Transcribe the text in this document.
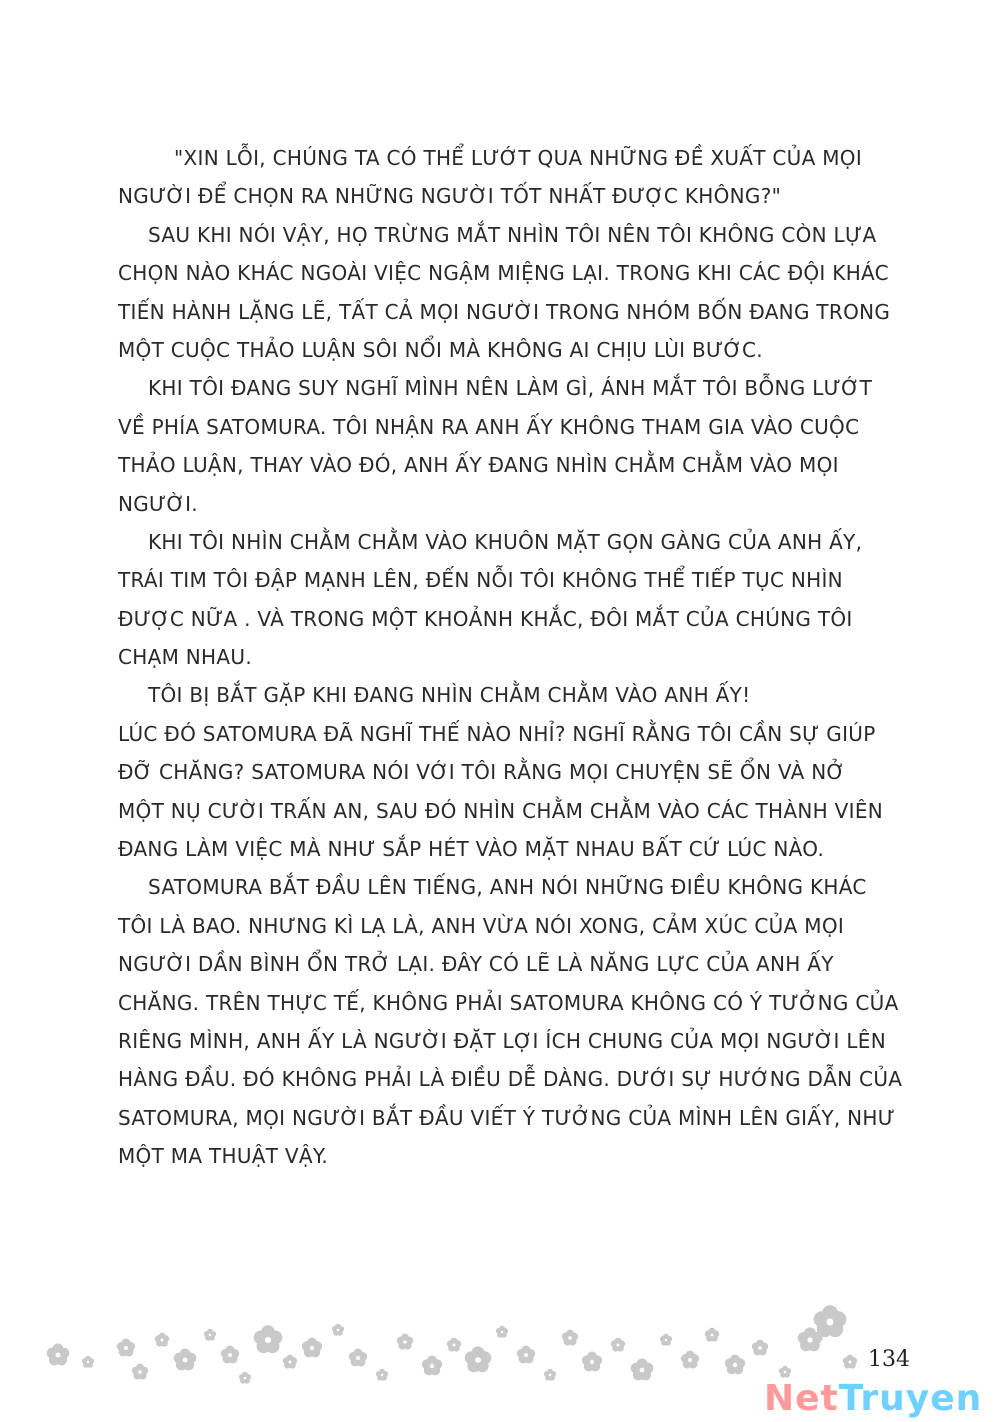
"XIN LỖI, CHÚNG TA CÓ THỂ LƯỚT QUA NHỮNG ĐỀ XUẤT CỦA MỌI
NGƯỜI ĐỂ CHỌN RA NHỮNG NGƯỜI TỐT NHẤT ĐƯỢC KHÔNG?"
SAU KHI NÓI VẬY, HỌ TRỪNG MẮT NHÌN TÔI NÊN TÔI KHÔNG CÒN LỰA
CHỌN NÀO KHÁC NGOÀI VIỆC NGẬM MIỆNG LẠI. TRONG KHI CÁC ĐỘI KHÁC
TIẾN HÀNH LẶNG LẼ, TẤT CẢ MỌI NGƯỜI TRONG NHÓM BỐN ĐANG TRONG
MỘT CUỘC THẢO LUẬN SÔI NỔI MÀ KHÔNG AI CHỊU LÙI BƯỚC.
KHI TÔI ĐANG SUY NGHĨ MÌNH NÊN LÀM GÌ, ÁNH MẮT TÔI BỖNG LƯỚT
VỀ PHÍA SATOMURA. TÔI NHẬN RA ANH ẤY KHÔNG THAM GIA VÀO CUỘC
THẢO LUẬN, THAY VÀO ĐÓ, ANH ẤY ĐANG NHÌN CHẰM CHẰM VÀO MỌI
NGƯỜI.
KHI TÔI NHÌN CHẰM CHẰM VÀO KHUÔN MẶT GỌN GÀNG CỦA ANH ẤY,
TRÁI TIM TÔI ĐẬP MẠNH LÊN, ĐẾN NỖI TÔI KHÔNG THỂ TIẾP TỤC NHÌN
ĐƯỢC NỮA . VÀ TRONG MỘT KHOẢNH KHẮC, ĐÔI MẮT CỦA CHÚNG TÔI
CHẠM NHAU.
TÔI BỊ BẮT GẶP KHI ĐANG NHÌN CHẰM CHẰM VÀO ANH ẤY!
LÚC ĐÓ SATOMURA ĐÃ NGHĨ THẾ NÀO NHỈ? NGHĨ RẰNG TÔI CẦN SỰ GIÚP
ĐỠ CHĂNG? SATOMURA NÓI VỚI TÔI RẰNG MỌI CHUYỆN SẼ ỔN VÀ NỞ
MỘT NỤ CƯỜI TRẤN AN, SAU ĐÓ NHÌN CHẰM CHẰM VÀO CÁC THÀNH VIÊN
ĐANG LÀM VIỆC MÀ NHƯ SẮP HÉT VÀO MẶT NHAU BẤT CỨ LÚC NÀO.
SATOMURA BẮT ĐẦU LÊN TIẾNG, ANH NÓI NHỮNG ĐIỀU KHÔNG KHÁC
TÔI LÀ BAO. NHƯNG KÌ LẠ LÀ, ANH VỪA NÓI XONG, CẢM XÚC CỦA MỌI
NGƯỜI DẦN BÌNH ỔN TRỞ LẠI. ĐÂY CÓ LẼ LÀ NĂNG LỰC CỦA ANH ẤY
CHĂNG. TRÊN THỰC TẾ, KHÔNG PHẢI SATOMURA KHÔNG CÓ Ý TƯỞNG CỦA
RIÊNG MÌNH, ANH ẤY LÀ NGƯỜI ĐẶT LỢI ÍCH CHUNG CỦA MỌI NGƯỜI LÊN
HÀNG ĐẦU. ĐÓ KHÔNG PHẢI LÀ ĐIỀU DỄ DÀNG. DƯỚI SỰ HƯỚNG DẪN CỦA
SATOMURA, MỌI NGƯỜI BẮT ĐẦU VIẾT Ý TƯỞNG CỦA MÌNH LÊN GIẤY, NHƯ
MỘT MA THUẬT VẬY.
134
NetTruyen
